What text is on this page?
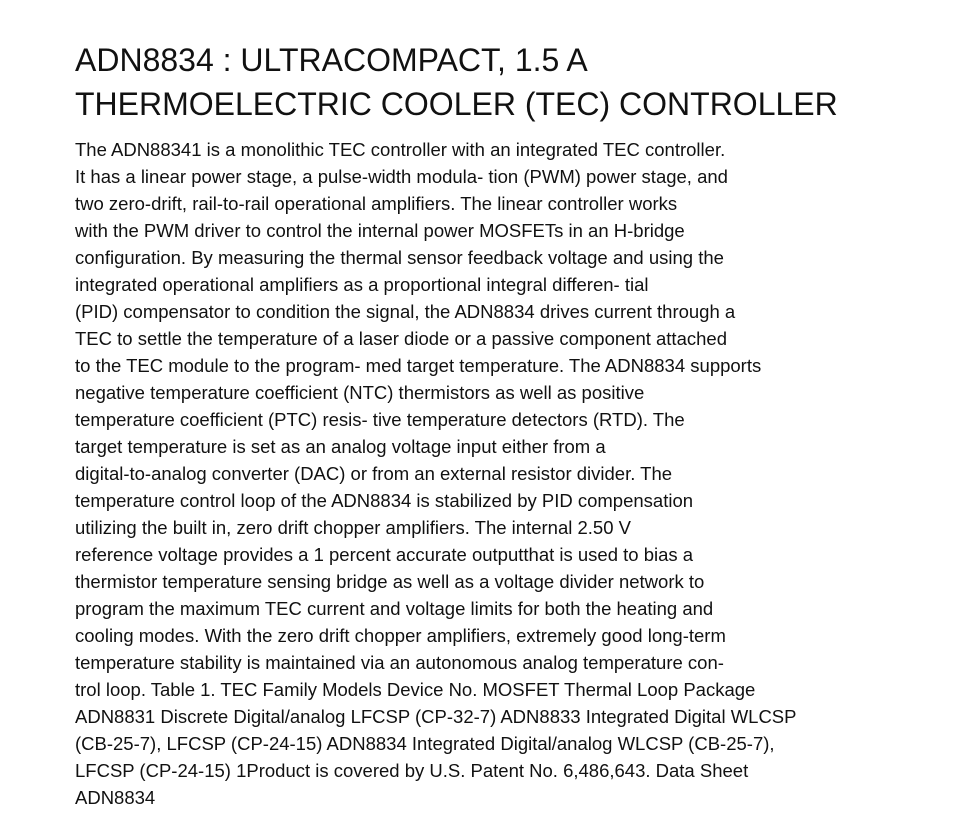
ADN8834 : ULTRACOMPACT, 1.5 A
THERMOELECTRIC COOLER (TEC) CONTROLLER
The ADN88341 is a monolithic TEC controller with an integrated TEC controller.
It has a linear power stage, a pulse-width modula- tion (PWM) power stage, and
two zero-drift, rail-to-rail operational amplifiers. The linear controller works
with the PWM driver to control the internal power MOSFETs in an H-bridge
configuration. By measuring the thermal sensor feedback voltage and using the
integrated operational amplifiers as a proportional integral differen- tial
(PID) compensator to condition the signal, the ADN8834 drives current through a
TEC to settle the temperature of a laser diode or a passive component attached
to the TEC module to the program- med target temperature. The ADN8834 supports
negative temperature coefficient (NTC) thermistors as well as positive
temperature coefficient (PTC) resis- tive temperature detectors (RTD). The
target temperature is set as an analog voltage input either from a
digital-to-analog converter (DAC) or from an external resistor divider. The
temperature control loop of the ADN8834 is stabilized by PID compensation
utilizing the built in, zero drift chopper amplifiers. The internal 2.50 V
reference voltage provides a 1 percent accurate outputthat is used to bias a
thermistor temperature sensing bridge as well as a voltage divider network to
program the maximum TEC current and voltage limits for both the heating and
cooling modes. With the zero drift chopper amplifiers, extremely good long-term
temperature stability is maintained via an autonomous analog temperature con-
trol loop. Table 1. TEC Family Models Device No. MOSFET Thermal Loop Package
ADN8831 Discrete Digital/analog LFCSP (CP-32-7) ADN8833 Integrated Digital WLCSP
(CB-25-7), LFCSP (CP-24-15) ADN8834 Integrated Digital/analog WLCSP (CB-25-7),
LFCSP (CP-24-15) 1Product is covered by U.S. Patent No. 6,486,643. Data Sheet
ADN8834
